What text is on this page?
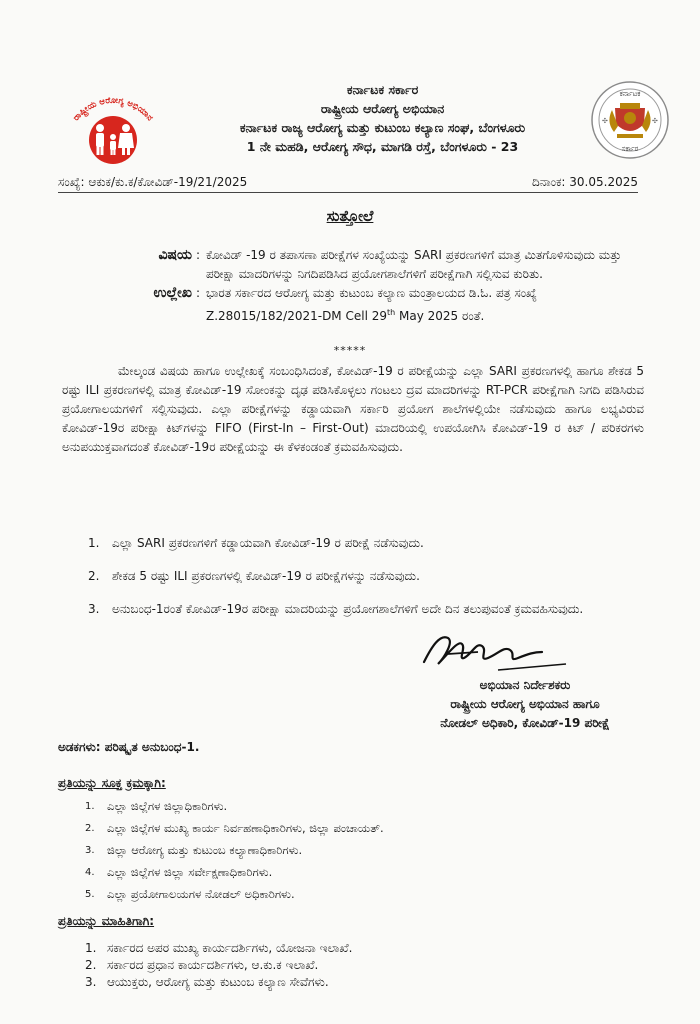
ರಾಷ್ಟ್ರೀಯ ಆರೋಗ್ಯ ಅಭಿಯಾನ
ಕರ್ನಾಟಕ ಸರ್ಕಾರ
ರಾಷ್ಟ್ರೀಯ ಆರೋಗ್ಯ ಅಭಿಯಾನ
ಕರ್ನಾಟಕ ರಾಜ್ಯ ಆರೋಗ್ಯ ಮತ್ತು ಕುಟುಂಬ ಕಲ್ಯಾಣ ಸಂಘ, ಬೆಂಗಳೂರು
1 ನೇ ಮಹಡಿ, ಆರೋಗ್ಯ ಸೌಧ, ಮಾಗಡಿ ರಸ್ತೆ, ಬೆಂಗಳೂರು - 23
ಕರ್ನಾಟಕ
ಸರ್ಕಾರ
✣	✣
ಸಂಖ್ಯೆ: ಆಕುಕ/ಕು.ಕ/ಕೋವಿಡ್-19/21/2025	ದಿನಾಂಕ: 30.05.2025
ಸುತ್ತೋಲೆ
ವಿಷಯ : ಕೋವಿಡ್ -19 ರ ತಪಾಸಣಾ ಪರೀಕ್ಷೆಗಳ ಸಂಖ್ಯೆಯನ್ನು SARI ಪ್ರಕರಣಗಳಿಗೆ ಮಾತ್ರ ಮಿತಗೊಳಿಸುವುದು ಮತ್ತು ಪರೀಕ್ಷಾ ಮಾದರಿಗಳನ್ನು ನಿಗದಿಪಡಿಸಿದ ಪ್ರಯೋಗಶಾಲೆಗಳಿಗೆ ಪರೀಕ್ಷೆಗಾಗಿ ಸಲ್ಲಿಸುವ ಕುರಿತು.
ಉಲ್ಲೇಖ : ಭಾರತ ಸರ್ಕಾರದ ಆರೋಗ್ಯ ಮತ್ತು ಕುಟುಂಬ ಕಲ್ಯಾಣ ಮಂತ್ರಾಲಯದ ಡಿ.ಓ. ಪತ್ರ ಸಂಖ್ಯೆ Z.28015/182/2021-DM Cell 29th May 2025 ರಂತೆ.
*****
ಮೇಲ್ಕಂಡ ವಿಷಯ ಹಾಗೂ ಉಲ್ಲೇಖಕ್ಕೆ ಸಂಬಂಧಿಸಿದಂತೆ, ಕೋವಿಡ್-19 ರ ಪರೀಕ್ಷೆಯನ್ನು ಎಲ್ಲಾ SARI ಪ್ರಕರಣಗಳಲ್ಲಿ ಹಾಗೂ ಶೇಕಡ 5 ರಷ್ಟು ILI ಪ್ರಕರಣಗಳಲ್ಲಿ ಮಾತ್ರ ಕೋವಿಡ್-19 ಸೋಂಕನ್ನು ದೃಢ ಪಡಿಸಿಕೊಳ್ಳಲು ಗಂಟಲು ದ್ರವ ಮಾದರಿಗಳನ್ನು RT-PCR ಪರೀಕ್ಷೆಗಾಗಿ ನಿಗದಿ ಪಡಿಸಿರುವ ಪ್ರಯೋಗಾಲಯಗಳಿಗೆ ಸಲ್ಲಿಸುವುದು. ಎಲ್ಲಾ ಪರೀಕ್ಷೆಗಳನ್ನು ಕಡ್ಡಾಯವಾಗಿ ಸರ್ಕಾರಿ ಪ್ರಯೋಗ ಶಾಲೆಗಳಲ್ಲಿಯೇ ನಡೆಸುವುದು ಹಾಗೂ ಲಭ್ಯವಿರುವ ಕೋವಿಡ್-19ರ ಪರೀಕ್ಷಾ ಕಿಟ್‌ಗಳನ್ನು FIFO (First-In – First-Out) ಮಾದರಿಯಲ್ಲಿ ಉಪಯೋಗಿಸಿ ಕೋವಿಡ್-19 ರ ಕಿಟ್ / ಪರಿಕರಗಳು ಅನುಪಯುಕ್ತವಾಗದಂತೆ ಕೋವಿಡ್-19ರ ಪರೀಕ್ಷೆಯನ್ನು ಈ ಕೆಳಕಂಡಂತೆ ಕ್ರಮವಹಿಸುವುದು.
1.	ಎಲ್ಲಾ SARI ಪ್ರಕರಣಗಳಿಗೆ ಕಡ್ಡಾಯವಾಗಿ ಕೋವಿಡ್-19 ರ ಪರೀಕ್ಷೆ ನಡೆಸುವುದು.
2.	ಶೇಕಡ 5 ರಷ್ಟು ILI ಪ್ರಕರಣಗಳಲ್ಲಿ ಕೋವಿಡ್-19 ರ ಪರೀಕ್ಷೆಗಳನ್ನು ನಡೆಸುವುದು.
3.	ಅನುಬಂಧ-1ರಂತೆ ಕೋವಿಡ್-19ರ ಪರೀಕ್ಷಾ ಮಾದರಿಯನ್ನು ಪ್ರಯೋಗಶಾಲೆಗಳಿಗೆ ಅದೇ ದಿನ ತಲುಪುವಂತೆ ಕ್ರಮವಹಿಸುವುದು.
ಅಭಿಯಾನ ನಿರ್ದೇಶಕರು
ರಾಷ್ಟ್ರೀಯ ಆರೋಗ್ಯ ಅಭಿಯಾನ ಹಾಗೂ
ನೋಡಲ್ ಅಧಿಕಾರಿ, ಕೋವಿಡ್-19 ಪರೀಕ್ಷೆ
ಅಡಕಗಳು: ಪರಿಷ್ಕೃತ ಅನುಬಂಧ-1.
ಪ್ರತಿಯನ್ನು ಸೂಕ್ತ ಕ್ರಮಕ್ಕಾಗಿ:
1.	ಎಲ್ಲಾ ಜಿಲ್ಲೆಗಳ ಜಿಲ್ಲಾಧಿಕಾರಿಗಳು.
2.	ಎಲ್ಲಾ ಜಿಲ್ಲೆಗಳ ಮುಖ್ಯ ಕಾರ್ಯ ನಿರ್ವಹಣಾಧಿಕಾರಿಗಳು, ಜಿಲ್ಲಾ ಪಂಚಾಯತ್.
3.	ಜಿಲ್ಲಾ ಆರೋಗ್ಯ ಮತ್ತು ಕುಟುಂಬ ಕಲ್ಯಾಣಾಧಿಕಾರಿಗಳು.
4.	ಎಲ್ಲಾ ಜಿಲ್ಲೆಗಳ ಜಿಲ್ಲಾ ಸರ್ವೇಕ್ಷಣಾಧಿಕಾರಿಗಳು.
5.	ಎಲ್ಲಾ ಪ್ರಯೋಗಾಲಯಗಳ ನೋಡಲ್ ಅಧಿಕಾರಿಗಳು.
ಪ್ರತಿಯನ್ನು ಮಾಹಿತಿಗಾಗಿ:
1. ಸರ್ಕಾರದ ಅಪರ ಮುಖ್ಯ ಕಾರ್ಯದರ್ಶಿಗಳು, ಯೋಜನಾ ಇಲಾಖೆ.
2. ಸರ್ಕಾರದ ಪ್ರಧಾನ ಕಾರ್ಯದರ್ಶಿಗಳು, ಆ.ಕು.ಕ ಇಲಾಖೆ.
3. ಆಯುಕ್ತರು, ಆರೋಗ್ಯ ಮತ್ತು ಕುಟುಂಬ ಕಲ್ಯಾಣ ಸೇವೆಗಳು.
